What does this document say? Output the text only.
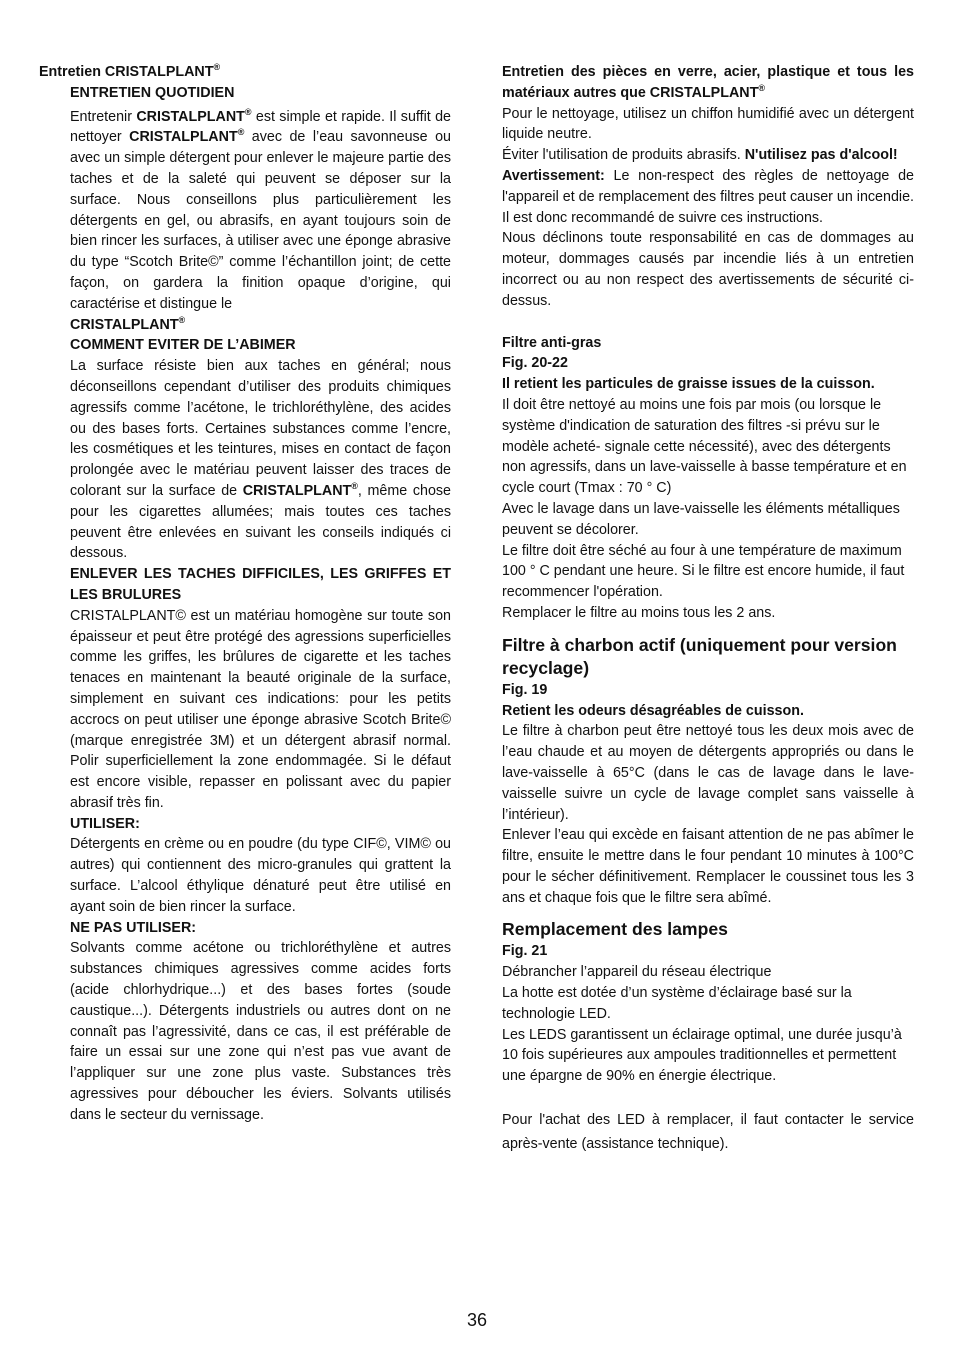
Entretien CRISTALPLANT®
ENTRETIEN QUOTIDIEN

Entretenir CRISTALPLANT® est simple et rapide. Il suffit de nettoyer CRISTALPLANT® avec de l’eau savonneuse ou avec un simple détergent pour enlever le majeure partie des taches et de la saleté qui peuvent se déposer sur la surface. Nous conseillons plus particulièrement les détergents en gel, ou abrasifs, en ayant toujours soin de bien rincer les surfaces, à utiliser avec une éponge abrasive du type “Scotch Brite©” comme l’échantillon joint; de cette façon, on gardera la finition opaque d’origine, qui caractérise et distingue le
CRISTALPLANT®

COMMENT EVITER DE L’ABIMER

La surface résiste bien aux taches en général; nous déconseillons cependant d’utiliser des produits chimiques agressifs comme l’acétone, le trichloréthylène, des acides ou des bases forts. Certaines substances comme l’encre, les cosmétiques et les teintures, mises en contact de façon prolongée avec le matériau peuvent laisser des traces de colorant sur la surface de CRISTALPLANT®, même chose pour les cigarettes allumées; mais toutes ces taches peuvent être enlevées en suivant les conseils indiqués ci dessous.

ENLEVER LES TACHES DIFFICILES, LES GRIFFES ET LES BRULURES

CRISTALPLANT© est un matériau homogène sur toute son épaisseur et peut être protégé des agressions superficielles comme les griffes, les brûlures de cigarette et les taches tenaces en maintenant la beauté originale de la surface, simplement en suivant ces indications: pour les petits accrocs on peut utiliser une éponge abrasive Scotch Brite© (marque enregistrée 3M) et un détergent abrasif normal. Polir superficiellement la zone endommagée. Si le défaut est encore visible, repasser en polissant avec du papier abrasif très fin.

UTILISER:

Détergents en crème ou en poudre (du type CIF©, VIM© ou autres) qui contiennent des micro-granules qui grattent la surface. L’alcool éthylique dénaturé peut être utilisé en ayant soin de bien rincer la surface.

NE PAS UTILISER:

Solvants comme acétone ou trichloréthylène et autres substances chimiques agressives comme acides forts (acide chlorhydrique...) et des bases fortes (soude caustique...). Détergents industriels ou autres dont on ne connaît pas l’agressivité, dans ce cas, il est préférable de faire un essai sur une zone qui n’est pas vue avant de l’appliquer sur une zone plus vaste. Substances très agressives pour déboucher les éviers. Solvants utilisés dans le secteur du vernissage.

Entretien des pièces en verre, acier, plastique et tous les matériaux autres que CRISTALPLANT®

Pour le nettoyage, utilisez un chiffon humidifié avec un détergent liquide neutre.

Éviter l'utilisation de produits abrasifs. N'utilisez pas d'alcool!

Avertissement: Le non-respect des règles de nettoyage de l'appareil et de remplacement des filtres peut causer un incendie. Il est donc recommandé de suivre ces instructions.

Nous déclinons toute responsabilité en cas de dommages au moteur, dommages causés par incendie liés à un entretien incorrect ou au non respect des avertissements de sécurité ci-dessus.

Filtre anti-gras
Fig. 20-22
Il retient les particules de graisse issues de la cuisson.

Il doit être nettoyé au moins une fois par mois (ou lorsque le système d'indication de saturation des filtres -si prévu sur le modèle acheté- signale cette nécessité), avec des détergents non agressifs, dans un lave-vaisselle à basse température et en cycle court (Tmax : 70 ° C)

Avec le lavage dans un lave-vaisselle les éléments métalliques peuvent se décolorer.

Le filtre doit être séché au four à une température de maximum 100 ° C pendant une heure. Si le filtre est encore humide, il faut recommencer l'opération.

Remplacer le filtre au moins tous les 2 ans.

Filtre à charbon actif (uniquement pour version recyclage)
Fig. 19
Retient les odeurs désagréables de cuisson.

Le filtre à charbon peut être nettoyé tous les deux mois avec de l’eau chaude et au moyen de détergents appropriés ou dans le lave-vaisselle à 65°C (dans le cas de lavage dans le lave-vaisselle suivre un cycle de lavage complet sans vaisselle à l’intérieur).

Enlever l’eau qui excède en faisant attention de ne pas abîmer le filtre, ensuite le mettre dans le four pendant 10 minutes à 100°C pour le sécher définitivement. Remplacer le coussinet tous les 3 ans et chaque fois que le filtre sera abîmé.

Remplacement des lampes
Fig. 21

Débrancher l’appareil du réseau électrique

La hotte est dotée d’un système d’éclairage basé sur la technologie LED.

Les LEDS garantissent un éclairage optimal, une durée jusqu’à 10 fois supérieures aux ampoules traditionnelles et permettent une épargne de 90% en énergie électrique.

Pour l'achat des LED à remplacer, il faut contacter le service après-vente (assistance technique).

36
